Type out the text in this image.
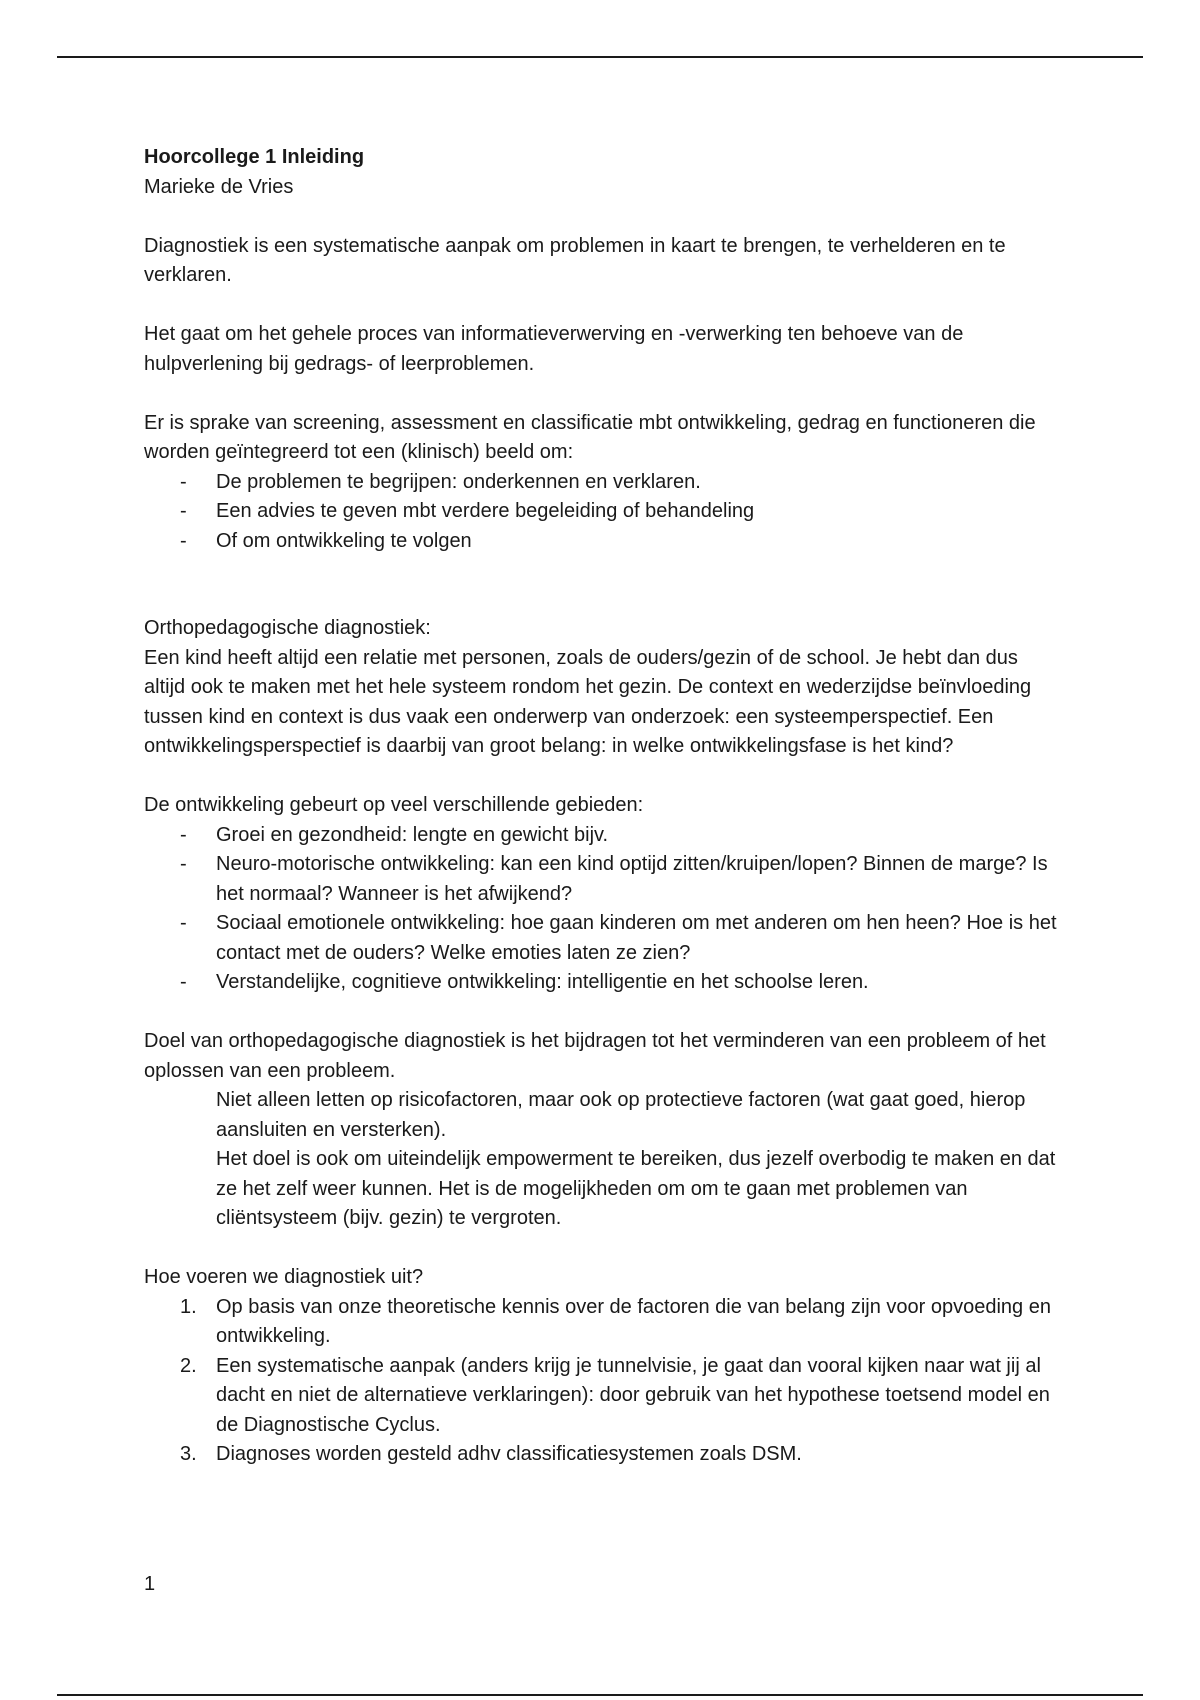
Hoorcollege 1 Inleiding

Marieke de Vries

Diagnostiek is een systematische aanpak om problemen in kaart te brengen, te verhelderen en te verklaren.

Het gaat om het gehele proces van informatieverwerving en -verwerking ten behoeve van de hulpverlening bij gedrags- of leerproblemen.

Er is sprake van screening, assessment en classificatie mbt ontwikkeling, gedrag en functioneren die worden geïntegreerd tot een (klinisch) beeld om:

- De problemen te begrijpen: onderkennen en verklaren.
- Een advies te geven mbt verdere begeleiding of behandeling
- Of om ontwikkeling te volgen

Orthopedagogische diagnostiek:

Een kind heeft altijd een relatie met personen, zoals de ouders/gezin of de school. Je hebt dan dus altijd ook te maken met het hele systeem rondom het gezin. De context en wederzijdse beïnvloeding tussen kind en context is dus vaak een onderwerp van onderzoek: een systeemperspectief. Een ontwikkelingsperspectief is daarbij van groot belang: in welke ontwikkelingsfase is het kind?

De ontwikkeling gebeurt op veel verschillende gebieden:

- Groei en gezondheid: lengte en gewicht bijv.
- Neuro-motorische ontwikkeling: kan een kind optijd zitten/kruipen/lopen? Binnen de marge? Is het normaal? Wanneer is het afwijkend?
- Sociaal emotionele ontwikkeling: hoe gaan kinderen om met anderen om hen heen? Hoe is het contact met de ouders? Welke emoties laten ze zien?
- Verstandelijke, cognitieve ontwikkeling: intelligentie en het schoolse leren.

Doel van orthopedagogische diagnostiek is het bijdragen tot het verminderen van een probleem of het oplossen van een probleem.

Niet alleen letten op risicofactoren, maar ook op protectieve factoren (wat gaat goed, hierop aansluiten en versterken).

Het doel is ook om uiteindelijk empowerment te bereiken, dus jezelf overbodig te maken en dat ze het zelf weer kunnen. Het is de mogelijkheden om om te gaan met problemen van cliëntsysteem (bijv. gezin) te vergroten.

Hoe voeren we diagnostiek uit?

1. Op basis van onze theoretische kennis over de factoren die van belang zijn voor opvoeding en ontwikkeling.
2. Een systematische aanpak (anders krijg je tunnelvisie, je gaat dan vooral kijken naar wat jij al dacht en niet de alternatieve verklaringen): door gebruik van het hypothese toetsend model en de Diagnostische Cyclus.
3. Diagnoses worden gesteld adhv classificatiesystemen zoals DSM.
1
